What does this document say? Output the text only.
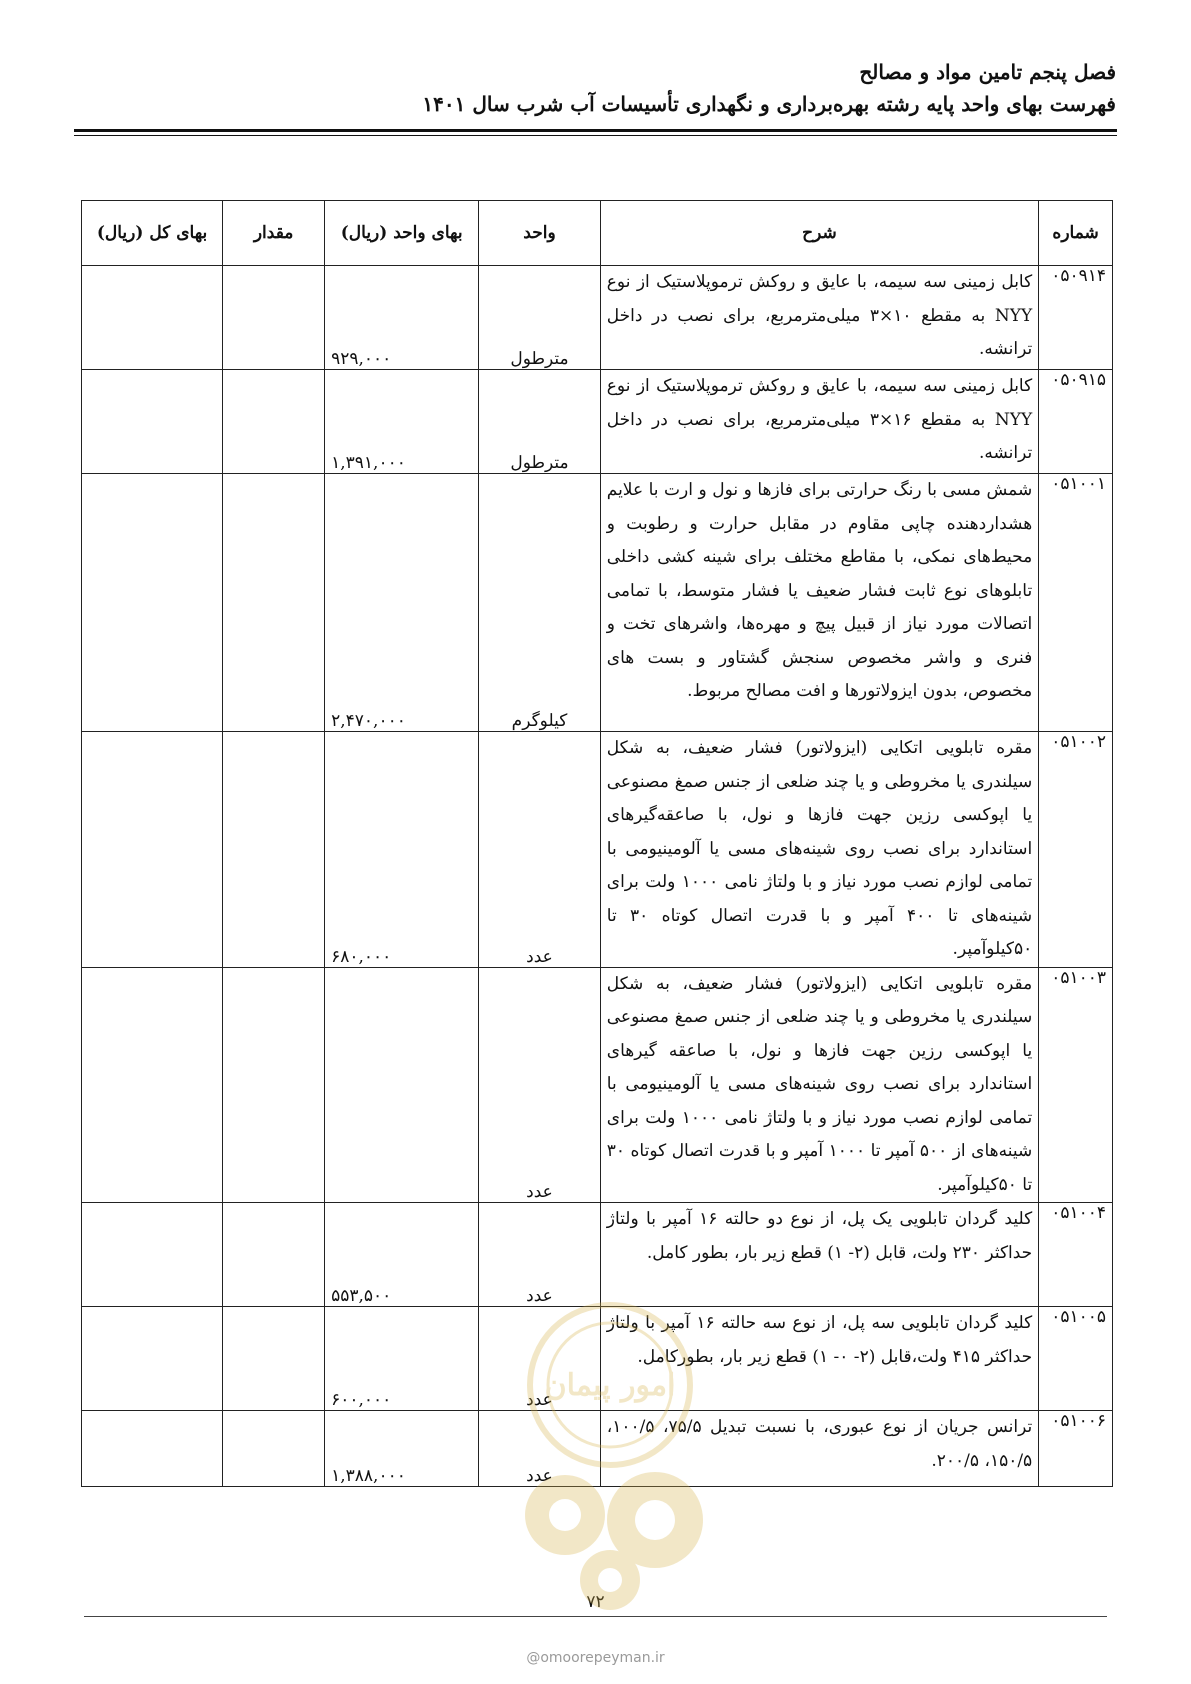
فصل پنجم تامین مواد و مصالح
فهرست بهای واحد پایه رشته بهره‌برداری و نگهداری تأسیسات آب شرب سال ۱۴۰۱
شماره	شرح	واحد	بهای واحد (ریال)	مقدار	بهای کل (ریال)
۰۵۰۹۱۴	کابل زمینی سه سیمه، با عایق و روکش ترموپلاستیک از نوع NYY به مقطع ۱۰×۳ میلی‌مترمربع، برای نصب در داخل ترانشه.	مترطول	۹۲۹,۰۰۰		
۰۵۰۹۱۵	کابل زمینی سه سیمه، با عایق و روکش ترموپلاستیک از نوع NYY به مقطع ۱۶×۳ میلی‌مترمربع، برای نصب در داخل ترانشه.	مترطول	۱,۳۹۱,۰۰۰		
۰۵۱۰۰۱	شمش مسی با رنگ حرارتی برای فازها و نول و ارت با علایم هشداردهنده چاپی مقاوم در مقابل حرارت و رطوبت و محیط‌های نمکی، با مقاطع مختلف برای شینه کشی داخلی تابلوهای نوع ثابت فشار ضعیف یا فشار متوسط، با تمامی اتصالات مورد نیاز از قبیل پیچ و مهره‌ها، واشرهای تخت و فنری و واشر مخصوص سنجش گشتاور و بست های مخصوص، بدون ایزولاتورها و افت مصالح مربوط.	کیلوگرم	۲,۴۷۰,۰۰۰		
۰۵۱۰۰۲	مقره تابلویی اتکایی (ایزولاتور) فشار ضعیف، به شکل سیلندری یا مخروطی و یا چند ضلعی از جنس صمغ مصنوعی یا اپوکسی رزین جهت فازها و نول، با صاعقه‌گیرهای استاندارد برای نصب روی شینه‌های مسی یا آلومینیومی با تمامی لوازم نصب مورد نیاز و با ولتاژ نامی ۱۰۰۰ ولت برای شینه‌های تا ۴۰۰ آمپر و با قدرت اتصال کوتاه ۳۰ تا ۵۰کیلوآمپر.	عدد	۶۸۰,۰۰۰		
۰۵۱۰۰۳	مقره تابلویی اتکایی (ایزولاتور) فشار ضعیف، به شکل سیلندری یا مخروطی و یا چند ضلعی از جنس صمغ مصنوعی یا اپوکسی رزین جهت فازها و نول، با صاعقه گیرهای استاندارد برای نصب روی شینه‌های مسی یا آلومینیومی با تمامی لوازم نصب مورد نیاز و با ولتاژ نامی ۱۰۰۰ ولت برای شینه‌های از ۵۰۰ آمپر تا ۱۰۰۰ آمپر و با قدرت اتصال کوتاه ۳۰ تا ۵۰کیلوآمپر.	عدد			
۰۵۱۰۰۴	کلید گردان تابلویی یک پل، از نوع دو حالته ۱۶ آمپر با ولتاژ حداکثر ۲۳۰ ولت، قابل (۲- ۱) قطع زیر بار، بطور کامل.	عدد	۵۵۳,۵۰۰		
۰۵۱۰۰۵	کلید گردان تابلویی سه پل، از نوع سه حالته ۱۶ آمپر با ولتاژ حداکثر ۴۱۵ ولت،قابل (۲- ۰- ۱) قطع زیر بار، بطورکامل.	عدد	۶۰۰,۰۰۰		
۰۵۱۰۰۶	ترانس جریان از نوع عبوری، با نسبت تبدیل ۷۵/۵، ۱۰۰/۵، ۱۵۰/۵، ۲۰۰/۵.	عدد	۱,۳۸۸,۰۰۰		
۷۲
@omoorepeyman.ir
امور پیمان
